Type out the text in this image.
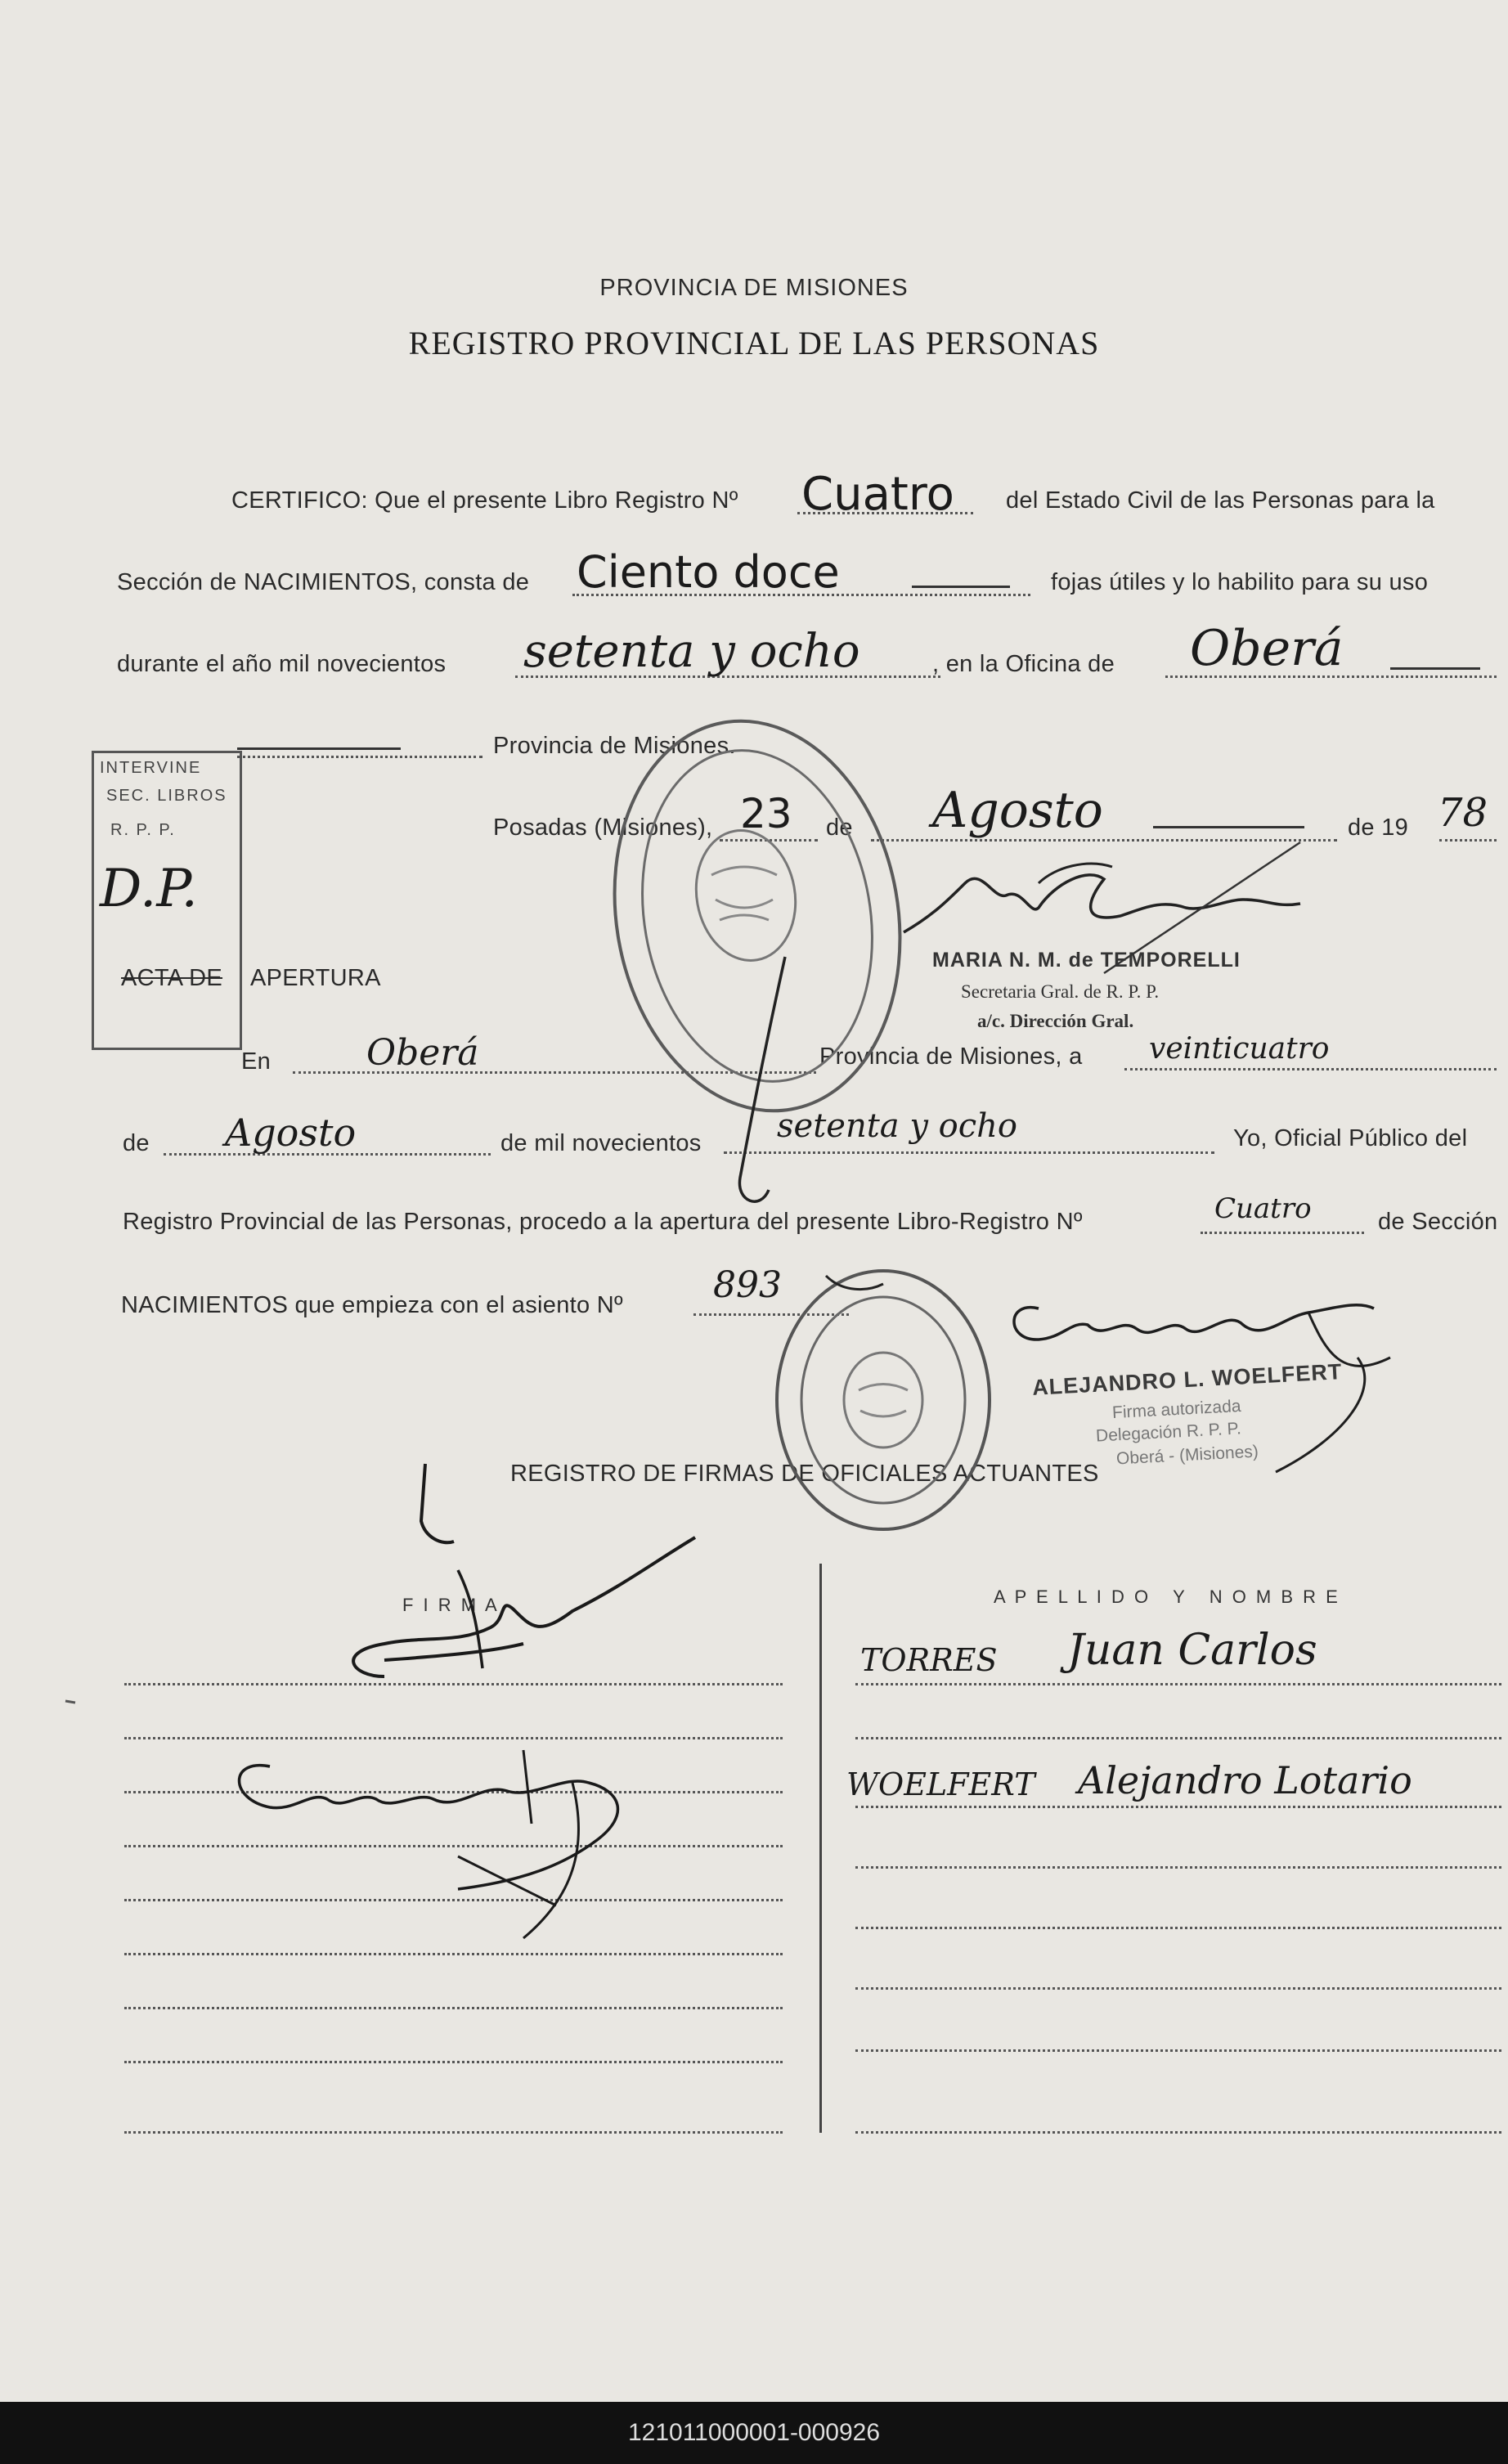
PROVINCIA DE MISIONES
REGISTRO PROVINCIAL DE LAS PERSONAS
CERTIFICO: Que el presente Libro Registro Nº Cuatro del Estado Civil de las Personas para la
Sección de NACIMIENTOS, consta de Ciento doce	fojas útiles y lo habilito para su uso
durante el año mil novecientos setenta y ocho	, en la Oficina de Oberá
Provincia de Misiones.
Posadas (Misiones), 23 de Agosto	de 19 78
MARIA N. M. de TEMPORELLI
Secretaria Gral. de R. P. P.
a/c. Dirección Gral.
INTERVINE
SEC. LIBROS
R. P. P.
D.P.
ACTA DE APERTURA
En	Oberá	Provincia de Misiones, a veinticuatro
de Agosto	de mil novecientos setenta y ocho	Yo, Oficial Público del
Registro Provincial de las Personas, procedo a la apertura del presente Libro-Registro Nº	Cuatro	de Sección
NACIMIENTOS que empieza con el asiento Nº	893
ALEJANDRO L. WOELFERT
Firma autorizada
Delegación R. P. P.
Oberá - (Misiones)
REGISTRO DE FIRMAS DE OFICIALES ACTUANTES
F I R M A	A P E L L I D O   Y   N O M B R E
TORRES Juan Carlos
WOELFERT Alejandro Lotario
121011000001-000926
